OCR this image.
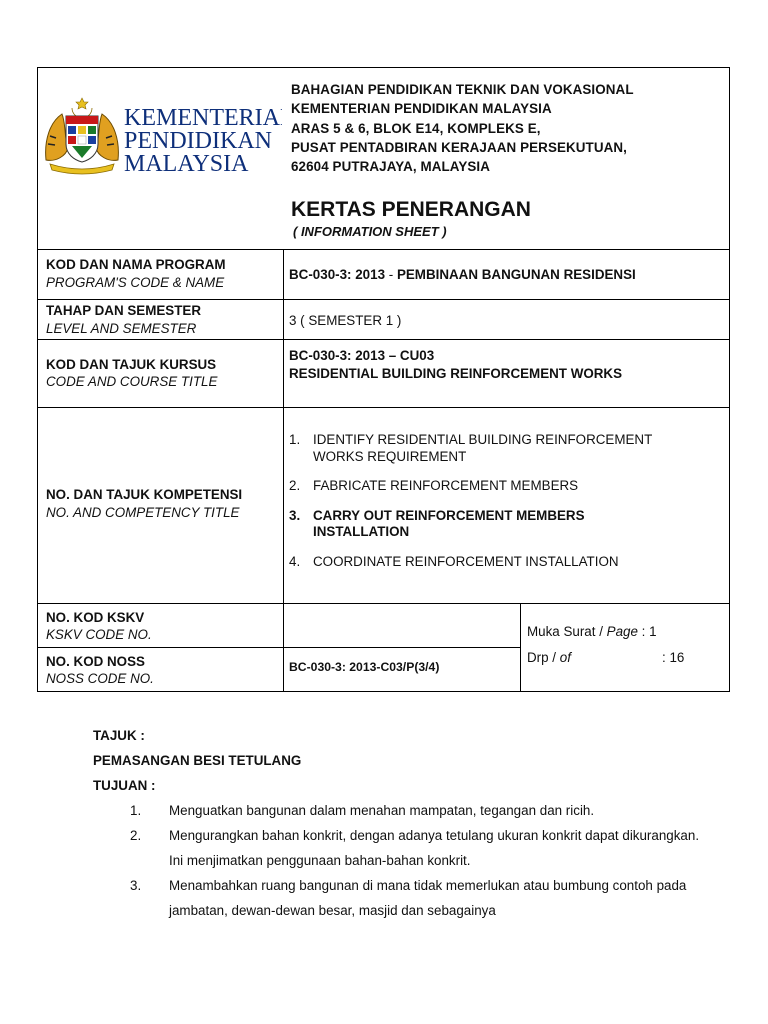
KEMENTERIAN
PENDIDIKAN
MALAYSIA
BAHAGIAN PENDIDIKAN TEKNIK DAN VOKASIONAL
KEMENTERIAN PENDIDIKAN MALAYSIA
ARAS 5 & 6, BLOK E14, KOMPLEKS E,
PUSAT PENTADBIRAN KERAJAAN PERSEKUTUAN,
62604 PUTRAJAYA, MALAYSIA
KERTAS PENERANGAN
( INFORMATION SHEET )
KOD DAN NAMA PROGRAM
PROGRAM'S CODE & NAME
BC-030-3: 2013 - PEMBINAAN BANGUNAN RESIDENSI
TAHAP DAN SEMESTER
LEVEL AND SEMESTER
3 ( SEMESTER 1 )
KOD DAN TAJUK KURSUS
CODE AND COURSE TITLE
BC-030-3: 2013 – CU03
RESIDENTIAL BUILDING REINFORCEMENT WORKS
NO. DAN TAJUK KOMPETENSI
NO. AND COMPETENCY TITLE
1. IDENTIFY RESIDENTIAL BUILDING REINFORCEMENT
WORKS REQUIREMENT
2. FABRICATE REINFORCEMENT MEMBERS
3. CARRY OUT REINFORCEMENT MEMBERS
INSTALLATION
4. COORDINATE REINFORCEMENT INSTALLATION
NO. KOD KSKV
KSKV CODE NO.
NO. KOD NOSS
NOSS CODE NO.
BC-030-3: 2013-C03/P(3/4)
Muka Surat / Page : 1
Drp / of	: 16
TAJUK :
PEMASANGAN BESI TETULANG
TUJUAN :
1. Menguatkan bangunan dalam menahan mampatan, tegangan dan ricih.
2. Mengurangkan bahan konkrit, dengan adanya tetulang ukuran konkrit dapat dikurangkan. Ini menjimatkan penggunaan bahan-bahan konkrit.
3. Menambahkan ruang bangunan di mana tidak memerlukan atau bumbung contoh pada jambatan, dewan-dewan besar, masjid dan sebagainya
